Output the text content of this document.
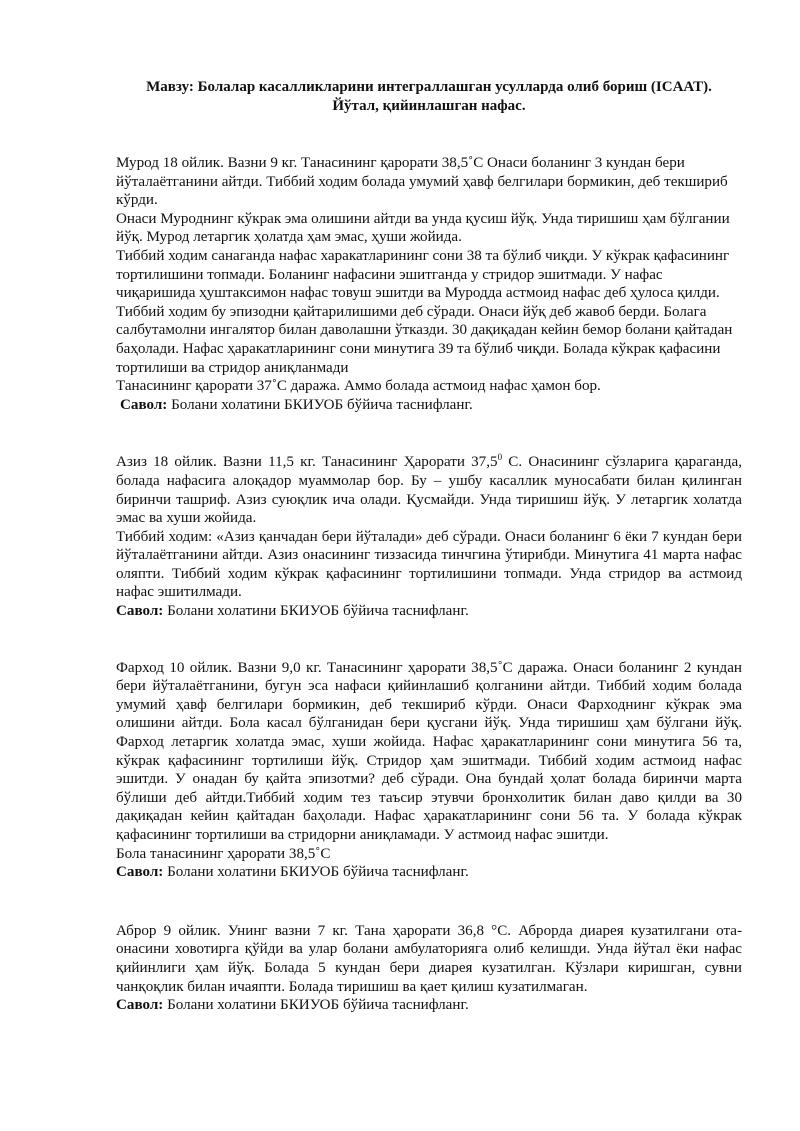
Мавзу: Болалар касалликларини интеграллашган усулларда олиб бориш (ICAAT).
Йўтал, қийинлашган нафас.

Мурод 18 ойлик. Вазни 9 кг. Танасининг қарорати 38,5˚С Онаси боланинг 3 кундан бери йўталаётганини айтди. Тиббий ходим болада умумий ҳавф белгилари бормикин, деб текшириб кўрди.

Онаси Муроднинг кўкрак эма олишини айтди ва унда қусиш йўқ. Унда тиришиш ҳам бўлгании йўқ. Мурод летаргик ҳолатда ҳам эмас, ҳуши жойида.

Тиббий ходим санаганда нафас харакатларининг сони 38 та бўлиб чиқди. У кўкрак қафасининг тортилишини топмади. Боланинг нафасини эшитганда у стридор эшитмади. У нафас чиқаришида ҳуштаксимон нафас товуш эшитди ва Муродда астмоид нафас деб ҳулоса қилди. Тиббий ходим бу эпизодни қайтарилишими деб сўради. Онаси йўқ деб жавоб берди. Болага салбутамолни ингалятор билан даволашни ўтказди. 30 дақиқадан кейин бемор болани қайтадан баҳолади. Нафас ҳаракатларининг сони минутига 39 та бўлиб чиқди. Болада кўкрак қафасини тортилиши ва стридор аниқланмади

Танасининг қарорати 37˚С даража. Аммо болада астмоид нафас ҳамон бор.

Савол: Болани холатини БКИУОБ бўйича таснифланг.

Азиз 18 ойлик. Вазни 11,5 кг. Танасининг Ҳарорати 37,5$^0$ С. Онасининг сўзларига қараганда, болада нафасига алоқадор муаммолар бор. Бу – ушбу касаллик муносабати билан қилинган биринчи ташриф. Азиз суюқлик ича олади. Қусмайди. Унда тиришиш йўқ. У летаргик холатда эмас ва хуши жойида.

Тиббий ходим: «Азиз қанчадан бери йўталади» деб сўради. Онаси боланинг 6 ёки 7 кундан бери йўталаётганини айтди. Азиз онасининг тиззасида тинчгина ўтирибди. Минутига 41 марта нафас оляпти. Тиббий ходим кўкрак қафасининг тортилишини топмади. Унда стридор ва астмоид нафас эшитилмади.

Савол: Болани холатини БКИУОБ бўйича таснифланг.

Фарход 10 ойлик. Вазни 9,0 кг. Танасининг ҳарорати 38,5˚С даража. Онаси боланинг 2 кундан бери йўталаётганини, бугун эса нафаси қийинлашиб қолганини айтди. Тиббий ходим болада умумий ҳавф белгилари бормикин, деб текшириб кўрди. Онаси Фарходнинг кўкрак эма олишини айтди. Бола касал бўлганидан бери қусгани йўқ. Унда тиришиш ҳам бўлгани йўқ. Фарход летаргик холатда эмас, хуши жойида. Нафас ҳаракатларининг сони минутига 56 та, кўкрак қафасининг тортилиши йўқ. Стридор ҳам эшитмади. Тиббий ходим астмоид нафас эшитди. У онадан бу қайта эпизотми? деб сўради. Она бундай ҳолат болада биринчи марта бўлиши деб айтди.Тиббий ходим тез таъсир этувчи бронхолитик билан даво қилди ва 30 дақиқадан кейин қайтадан баҳолади. Нафас ҳаракатларининг сони 56 та. У болада кўкрак қафасининг тортилиши ва стридорни аниқламади. У астмоид нафас эшитди.

Бола танасининг ҳарорати 38,5˚С

Савол: Болани холатини БКИУОБ бўйича таснифланг.

Аброр 9 ойлик. Унинг вазни 7 кг. Тана ҳарорати 36,8 °С. Аброрда диарея кузатилгани ота-онасини ховотирга қўйди ва улар болани амбулаторияга олиб келишди. Унда йўтал ёки нафас қийинлиги ҳам йўқ. Болада 5 кундан бери диарея кузатилган. Кўзлари киришган, сувни чанқоқлик билан ичаяпти. Болада тиришиш ва қает қилиш кузатилмаган.

Савол: Болани холатини БКИУОБ бўйича таснифланг.
